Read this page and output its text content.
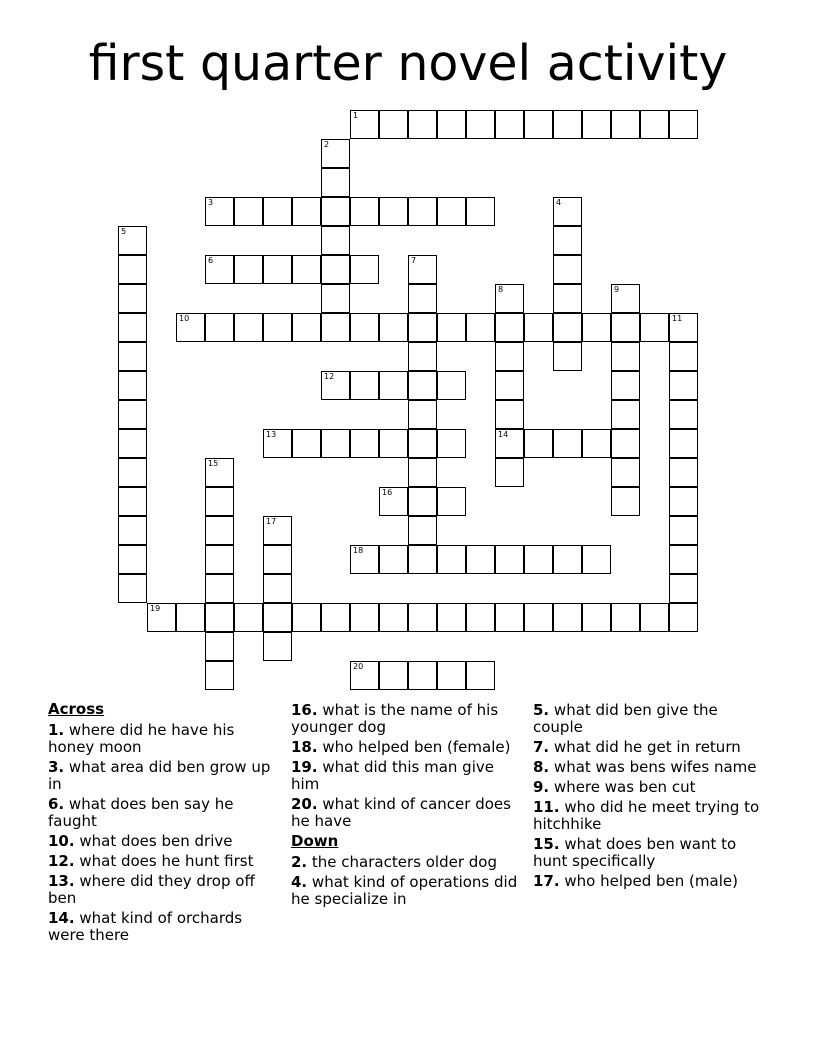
first quarter novel activity
1
2
3	4
5
6	7
8
14
9
10	11
12
13
15
16
17
18
19
20
Across

1. where did he have his honey moon

3. what area did ben grow up in

6. what does ben say he faught

10. what does ben drive

12. what does he hunt first

13. where did they drop off ben

14. what kind of orchards were there

16. what is the name of his younger dog

18. who helped ben (female)

19. what did this man give him

20. what kind of cancer does he have

Down

2. the characters older dog

4. what kind of operations did he specialize in

5. what did ben give the couple

7. what did he get in return

8. what was bens wifes name

9. where was ben cut

11. who did he meet trying to hitchhike

15. what does ben want to hunt specifically

17. who helped ben (male)
